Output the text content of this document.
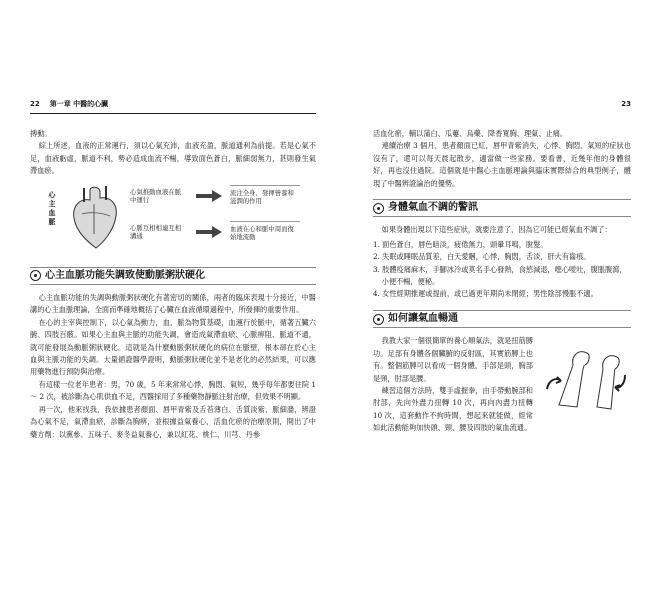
22 第一章 中醫的心臟

搏動。

綜上所述，血液的正常運行，須以心氣充沛，血液充盈，脈道通利為前提。若是心氣不足，血液虧虛，脈道不利，勢必造成血流不暢，導致面色蒼白，脈細弱無力，甚則發生氣滯血瘀。

心主血脈
心氣推動血液在脈中運行
流注全身、發揮營養和滋潤的作用
心脈互相相連互相溝通
血液在心和脈中周而復始地流動
心主血脈功能失調致使動脈粥狀硬化

心主血脈功能的失調與動脈粥狀硬化有著密切的關係，兩者的臨床表現十分接近，中醫講的心主血脈理論，全面而準確地概括了心臟在血液循環過程中，所發揮的重要作用。

在心的主宰與控制下，以心氣為動力，血、脈為物質基礎，血運行於脈中，循著五臟六腑、四肢百骸。如果心主血與主脈的功能失調，會造成氣滯血瘀、心脈痹阻、脈道不通，就可能發展為動脈粥狀硬化。這就是為什麼動脈粥狀硬化的病位在脈壁，根本卻在於心主血與主脈功能的失調。大量循證醫學證明，動脈粥狀硬化並不是老化的必然結果，可以應用藥物進行預防與治療。

有這樣一位老年患者：男，70 歲，5 年來常常心悸，胸悶、氣短，幾乎每年都要住院 1 ～ 2 次，被診斷為心肌供血不足，西醫採用了多種藥物靜脈注射治療，但效果不明顯。

再一次，他來找我，我依據患者顏面、唇甲青紫及舌苔薄白、舌質淡紫、脈細濇，辨證為心氣不足，氣滯血瘀，診斷為胸痹，並根據益氣養心，活血化瘀的治療原則，開出了中藥方劑：以黨參、五味子、麥冬益氣養心，兼以紅花、桃仁、川芎、丹參

23

活血化瘀，輔以蒲白、瓜蔞、烏藥、降香寬胸、理氣、止痛。

連續治療 3 個月，患者顏面已紅，唇甲青紫消失，心悸、胸悶、氣短的症狀也沒有了，還可以每天晨起散步，適當做一些家務。要看書，近幾年他的身體很好，再也沒住過院。這個就是中醫心主血脈理論與臨床實際結合的典型例子，體現了中醫辨證論治的優勢。

身體氣血不調的警訊

如果身體出現以下這些症狀，就要注意了，因為它可能已經氣血不調了：

1. 面色蒼白，唇色暗淡，疲倦無力，頭暈耳鳴，脫髮。
2. 失眠或睡眠品質差，白天愛睏，心悸，胸悶，舌淡，肝大有齒痕。
3. 肢體疫痛麻木，手腳冰冷或莫名手心發熱，食慾減退，噁心噯吐，腹脹腹瀉，小便不暢，便秘。
4. 女性經期推遲或提前，或已過更年期尚未閉經；男性陰部慢脹不適。
如何讓氣血暢通

我教大家一個很簡單的養心順氣法，就是扭筋膊功。足部有身體各個臟腑的反射區，其實筋膊上也有。整個筋膊可以看成一個身體，手部是頭，胸部是頸，肘部是腰。

練習這個方法時，雙手虛握拳，由手帶動腕部和肘部，先向外盡力扭轉 10 次，再向內盡力扭轉 10 次，這套動作不拘時間，想起來就能做，經常如此活動能夠加快頭、頸、腰及四肢的氣血流通。
